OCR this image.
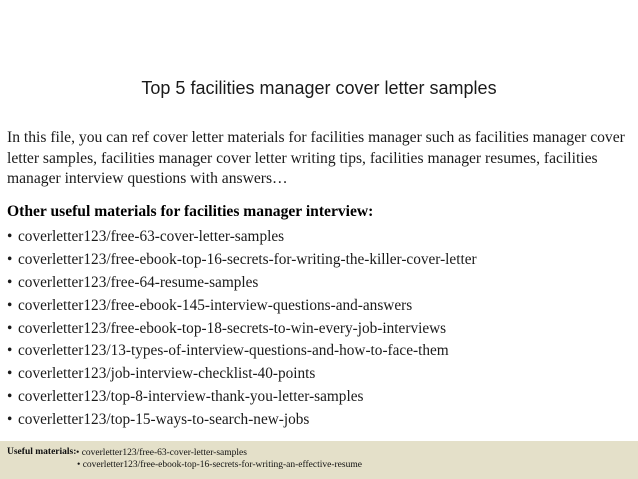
Top 5 facilities manager cover letter samples
In this file, you can ref cover letter materials for facilities manager such as facilities manager cover letter samples, facilities manager cover letter writing tips, facilities manager resumes, facilities manager interview questions with answers…
Other useful materials for facilities manager interview:
• coverletter123/free-63-cover-letter-samples
• coverletter123/free-ebook-top-16-secrets-for-writing-the-killer-cover-letter
• coverletter123/free-64-resume-samples
• coverletter123/free-ebook-145-interview-questions-and-answers
• coverletter123/free-ebook-top-18-secrets-to-win-every-job-interviews
• coverletter123/13-types-of-interview-questions-and-how-to-face-them
• coverletter123/job-interview-checklist-40-points
• coverletter123/top-8-interview-thank-you-letter-samples
• coverletter123/top-15-ways-to-search-new-jobs
Useful materials: • coverletter123/free-63-cover-letter-samples
• coverletter123/free-ebook-top-16-secrets-for-writing-an-effective-resume
